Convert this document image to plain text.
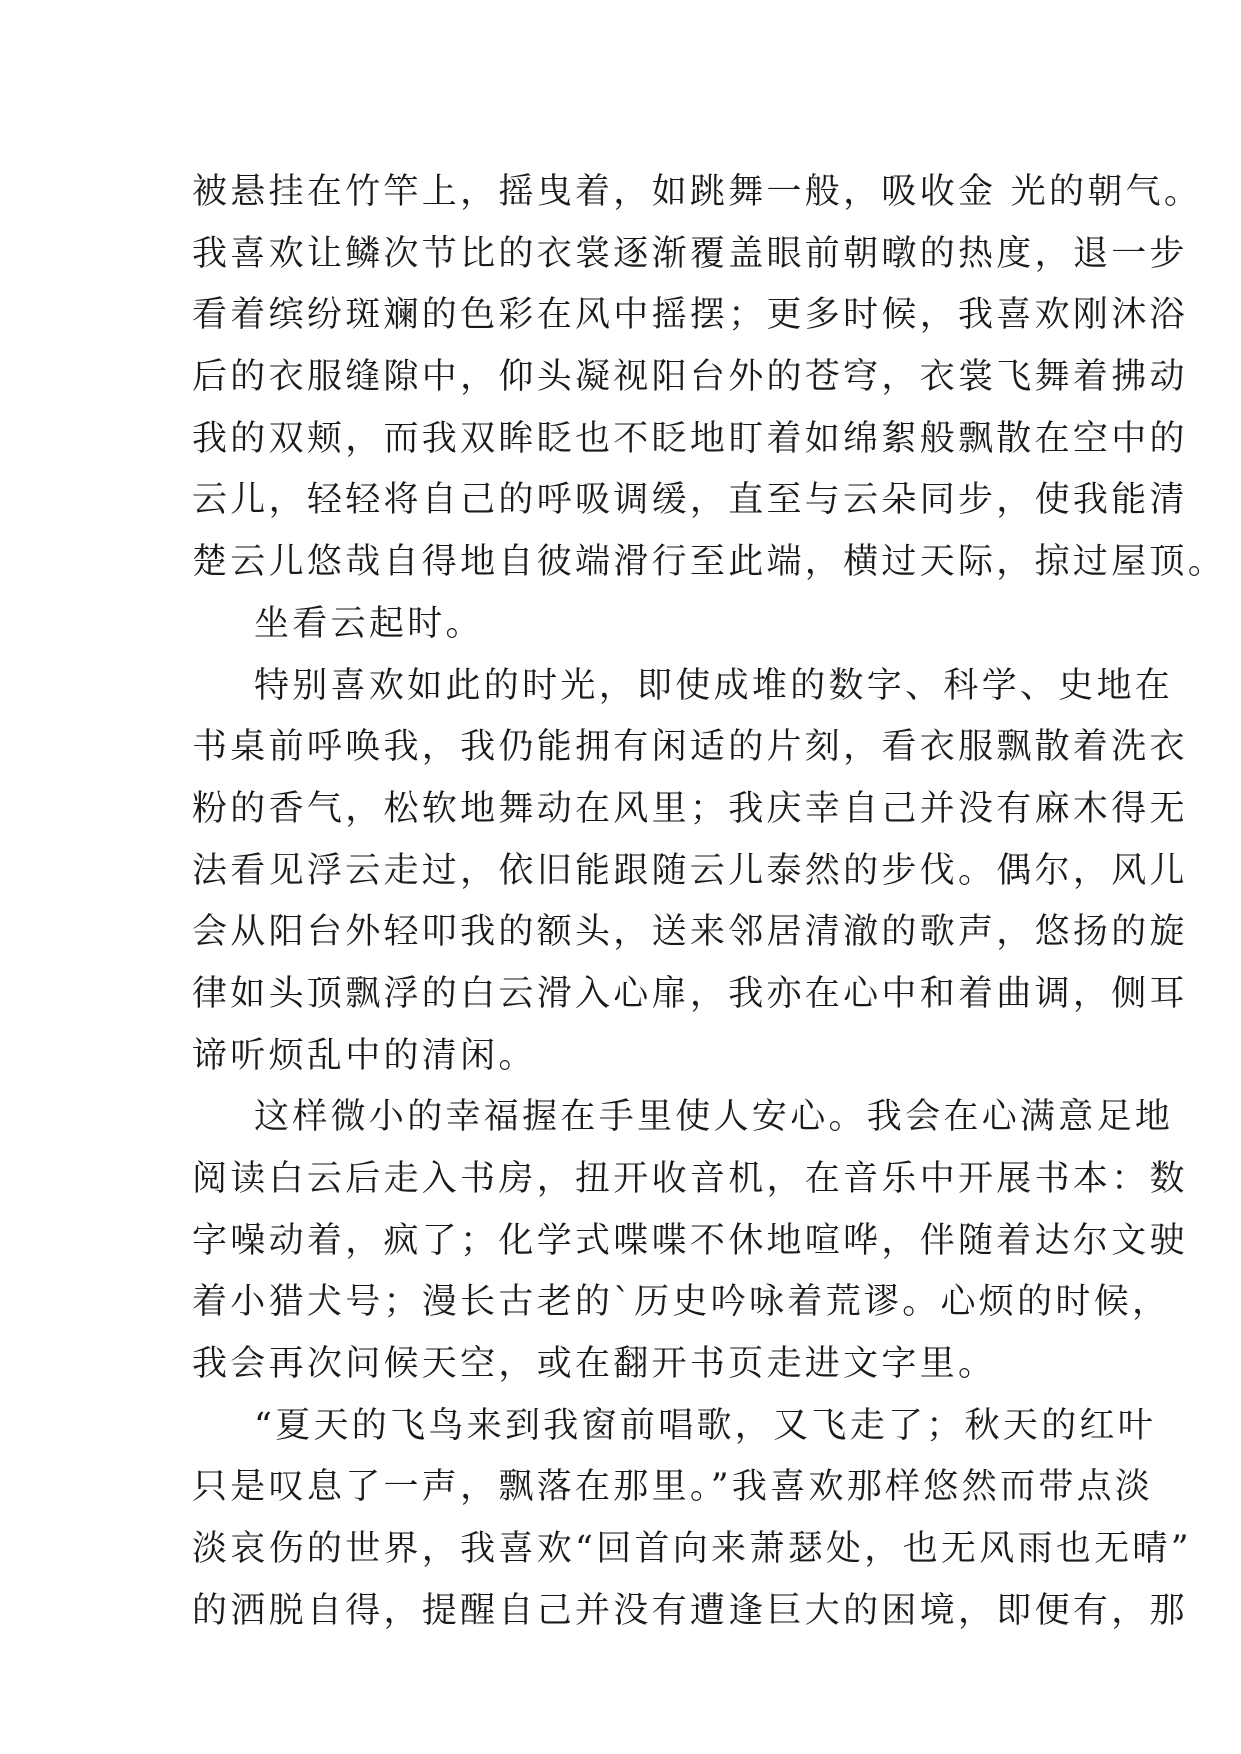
被悬挂在竹竿上，摇曳着，如跳舞一般，吸收金 光的朝气。
我喜欢让鳞次节比的衣裳逐渐覆盖眼前朝暾的热度，退一步
看着缤纷斑斓的色彩在风中摇摆；更多时候，我喜欢刚沐浴
后的衣服缝隙中，仰头凝视阳台外的苍穹，衣裳飞舞着拂动
我的双颊，而我双眸眨也不眨地盯着如绵絮般飘散在空中的
云儿，轻轻将自己的呼吸调缓，直至与云朵同步，使我能清
楚云儿悠哉自得地自彼端滑行至此端，横过天际，掠过屋顶。
坐看云起时。
特别喜欢如此的时光，即使成堆的数字、科学、史地在
书桌前呼唤我，我仍能拥有闲适的片刻，看衣服飘散着洗衣
粉的香气，松软地舞动在风里；我庆幸自己并没有麻木得无
法看见浮云走过，依旧能跟随云儿泰然的步伐。偶尔，风儿
会从阳台外轻叩我的额头，送来邻居清澈的歌声，悠扬的旋
律如头顶飘浮的白云滑入心扉，我亦在心中和着曲调，侧耳
谛听烦乱中的清闲。
这样微小的幸福握在手里使人安心。我会在心满意足地
阅读白云后走入书房，扭开收音机，在音乐中开展书本：数
字噪动着，疯了；化学式喋喋不休地喧哗，伴随着达尔文驶
着小猎犬号；漫长古老的`历史吟咏着荒谬。心烦的时候，
我会再次问候天空，或在翻开书页走进文字里。
“夏天的飞鸟来到我窗前唱歌，又飞走了；秋天的红叶
只是叹息了一声，飘落在那里。”我喜欢那样悠然而带点淡
淡哀伤的世界，我喜欢“回首向来萧瑟处，也无风雨也无晴”
的洒脱自得，提醒自己并没有遭逢巨大的困境，即便有，那
